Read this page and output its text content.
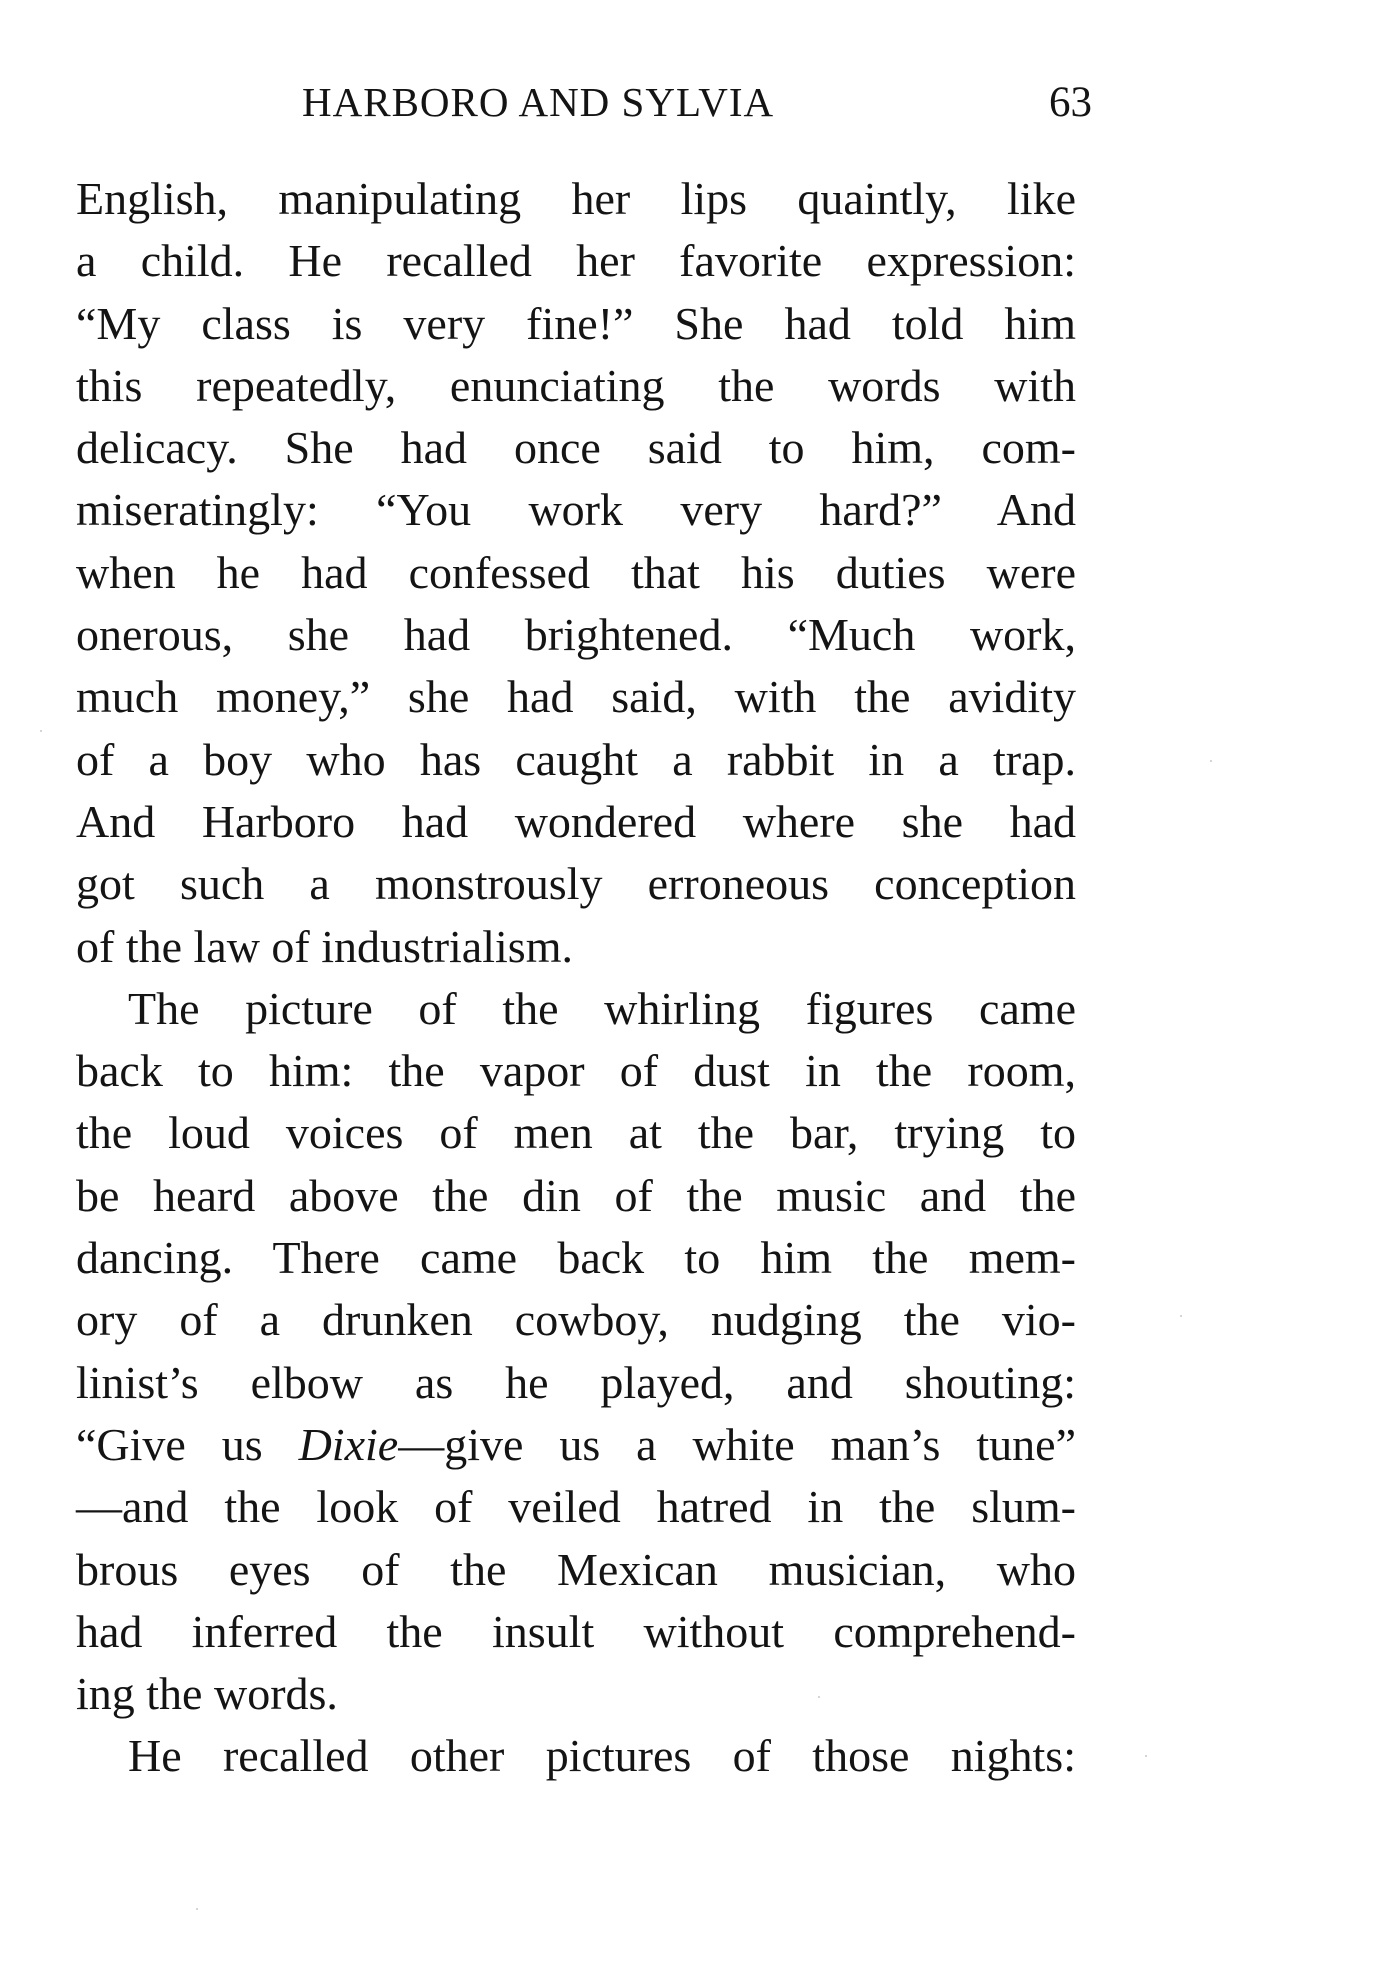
HARBORO AND SYLVIA	63

English, manipulating her lips quaintly, like
a child. He recalled her favorite expression:
“My class is very fine!” She had told him
this repeatedly, enunciating the words with
delicacy. She had once said to him, com-
miseratingly: “You work very hard?” And
when he had confessed that his duties were
onerous, she had brightened. “Much work,
much money,” she had said, with the avidity
of a boy who has caught a rabbit in a trap.
And Harboro had wondered where she had
got such a monstrously erroneous conception
of the law of industrialism.

The picture of the whirling figures came
back to him: the vapor of dust in the room,
the loud voices of men at the bar, trying to
be heard above the din of the music and the
dancing. There came back to him the mem-
ory of a drunken cowboy, nudging the vio-
linist’s elbow as he played, and shouting:
“Give us Dixie—give us a white man’s tune”
—and the look of veiled hatred in the slum-
brous eyes of the Mexican musician, who
had inferred the insult without comprehend-
ing the words.

He recalled other pictures of those nights:
